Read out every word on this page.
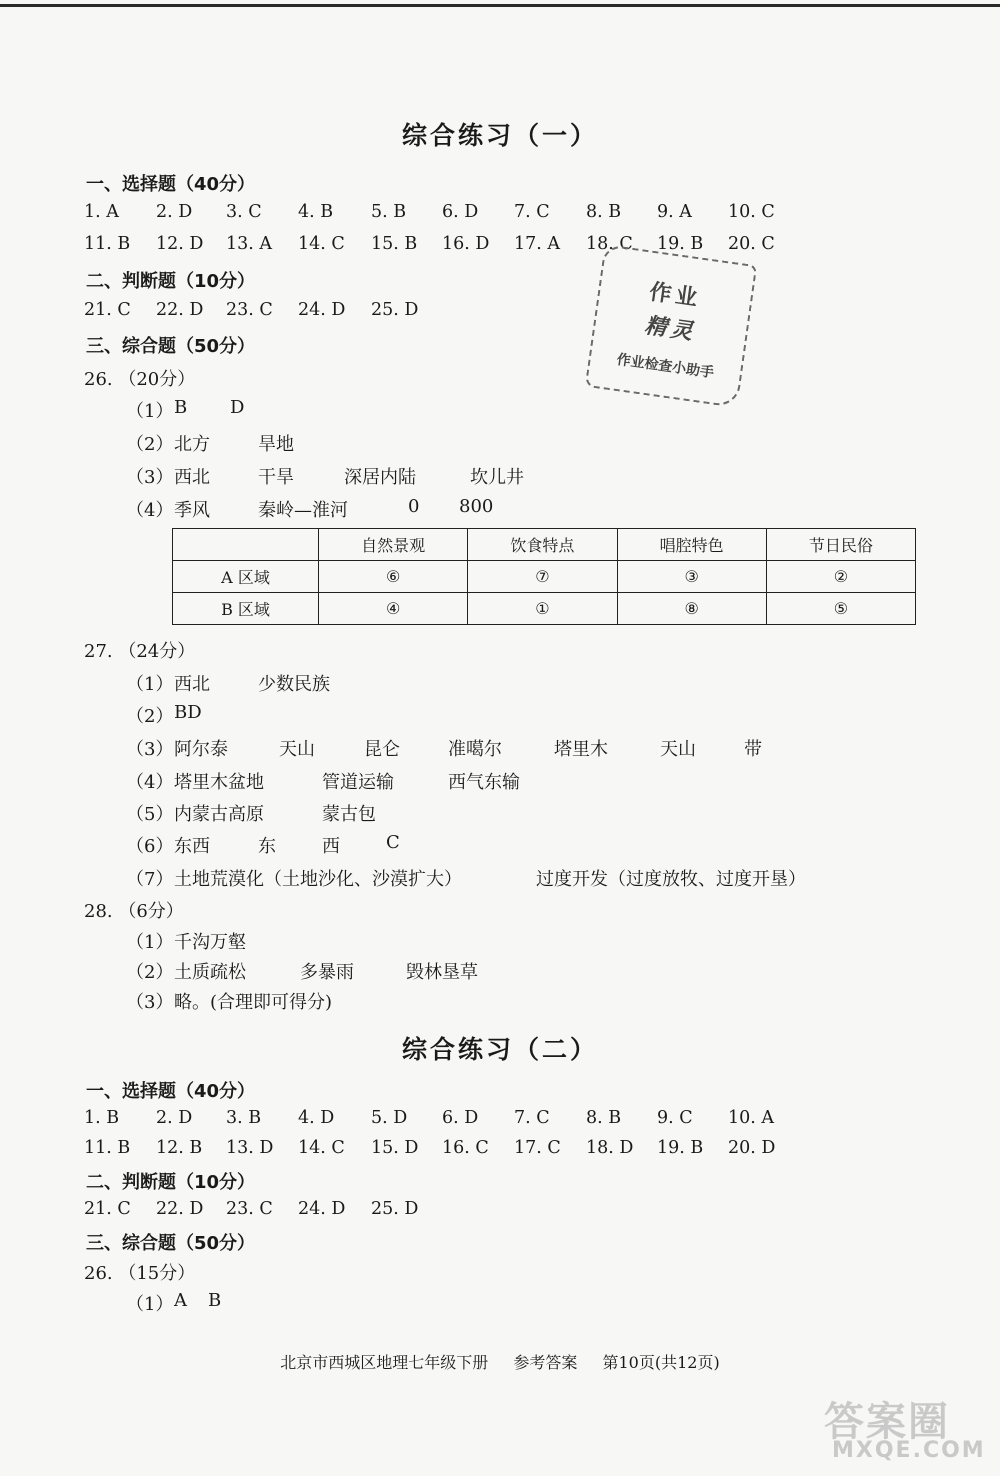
综合练习（一）
一、选择题（40分）
1. A 2. D 3. C 4. B 5. B 6. D 7. C 8. B 9. A 10. C
11. B 12. D 13. A 14. C 15. B 16. D 17. A 18. C 19. B 20. C
二、判断题（10分）
21. C 22. D 23. C 24. D 25. D
三、综合题（50分）
26. （20分）
（1） B D
（2） 北方	旱地
（3） 西北	干旱	深居内陆	坎儿井
（4） 季风	秦岭—淮河	0 800
	自然景观	饮食特点	唱腔特色	节日民俗
A 区域	⑥	⑦	③	②
B 区域	④	①	⑧	⑤
27. （24分）
（1） 西北	少数民族
（2） BD
（3） 阿尔泰	天山	昆仑	准噶尔	塔里木	天山	带
（4） 塔里木盆地	管道运输	西气东输
（5） 内蒙古高原	蒙古包
（6） 东西	东	西	C
（7） 土地荒漠化（土地沙化、沙漠扩大）	过度开发（过度放牧、过度开垦）
28. （6分）
（1） 千沟万壑
（2） 土质疏松	多暴雨	毁林垦草
（3） 略。(合理即可得分)
综合练习（二）
一、选择题（40分）
1. B 2. D 3. B 4. D 5. D 6. D 7. C 8. B 9. C 10. A
11. B 12. B 13. D 14. C 15. D 16. C 17. C 18. D 19. B 20. D
二、判断题（10分）
21. C 22. D 23. C 24. D 25. D
三、综合题（50分）
26. （15分）
（1） A B
作业
精灵
作业检查小助手
北京市西城区地理七年级下册 参考答案 第10页(共12页)
答案圈
MXQE.COM
